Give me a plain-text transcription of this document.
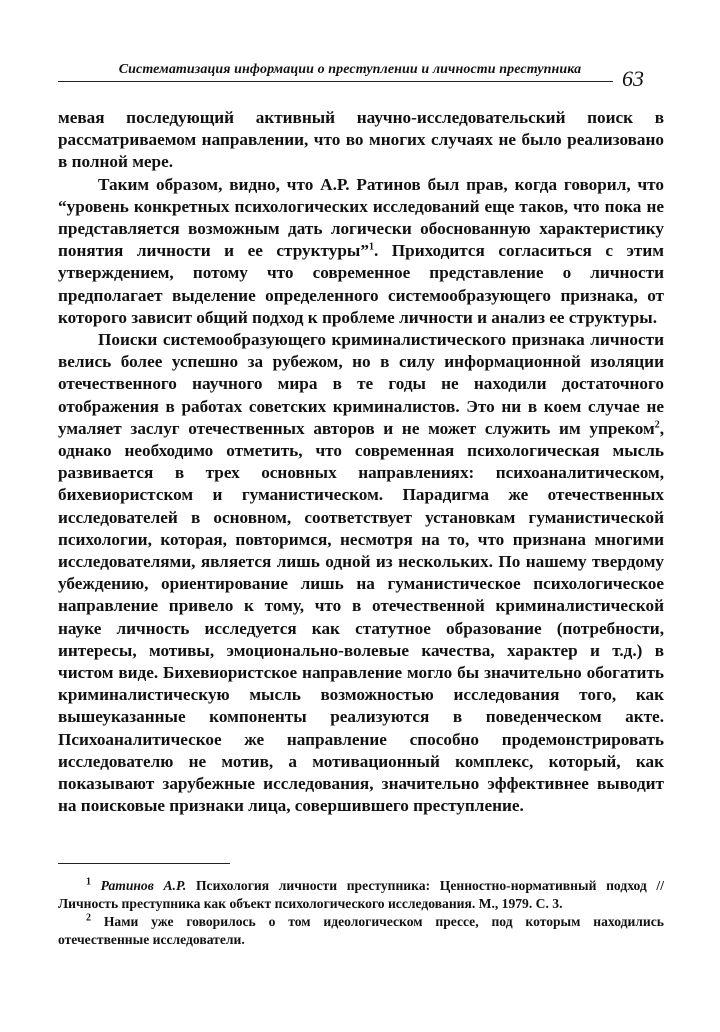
Систематизация информации о преступлении и личности преступника	63

мевая последующий активный научно-исследовательский поиск в рассматриваемом направлении, что во многих случаях не было реализовано в полной мере.

Таким образом, видно, что А.Р. Ратинов был прав, когда говорил, что “уровень конкретных психологических исследований еще таков, что пока не представляется возможным дать логически обоснованную характеристику понятия личности и ее структуры”$^1$. Приходится согласиться с этим утверждением, потому что современное представление о личности предполагает выделение определенного системообразующего признака, от которого зависит общий подход к проблеме личности и анализ ее структуры.

Поиски системообразующего криминалистического признака личности велись более успешно за рубежом, но в силу информационной изоляции отечественного научного мира в те годы не находили достаточного отображения в работах советских криминалистов. Это ни в коем случае не умаляет заслуг отечественных авторов и не может служить им упреком$^2$, однако необходимо отметить, что современная психологическая мысль развивается в трех основных направлениях: психоаналитическом, бихевиористском и гуманистическом. Парадигма же отечественных исследователей в основном, соответствует установкам гуманистической психологии, которая, повторимся, несмотря на то, что признана многими исследователями, является лишь одной из нескольких. По нашему твердому убеждению, ориентирование лишь на гуманистическое психологическое направление привело к тому, что в отечественной криминалистической науке личность исследуется как статутное образование (потребности, интересы, мотивы, эмоционально-волевые качества, характер и т.д.) в чистом виде. Бихевиористское направление могло бы значительно обогатить криминалистическую мысль возможностью исследования того, как вышеуказанные компоненты реализуются в поведенческом акте. Психоаналитическое же направление способно продемонстрировать исследователю не мотив, а мотивационный комплекс, который, как показывают зарубежные исследования, значительно эффективнее выводит на поисковые признаки лица, совершившего преступление.

$^1$ Ратинов А.Р. Психология личности преступника: Ценностно-нормативный подход // Личность преступника как объект психологического исследования. М., 1979. С. 3.

$^2$ Нами уже говорилось о том идеологическом прессе, под которым находились отечественные исследователи.
